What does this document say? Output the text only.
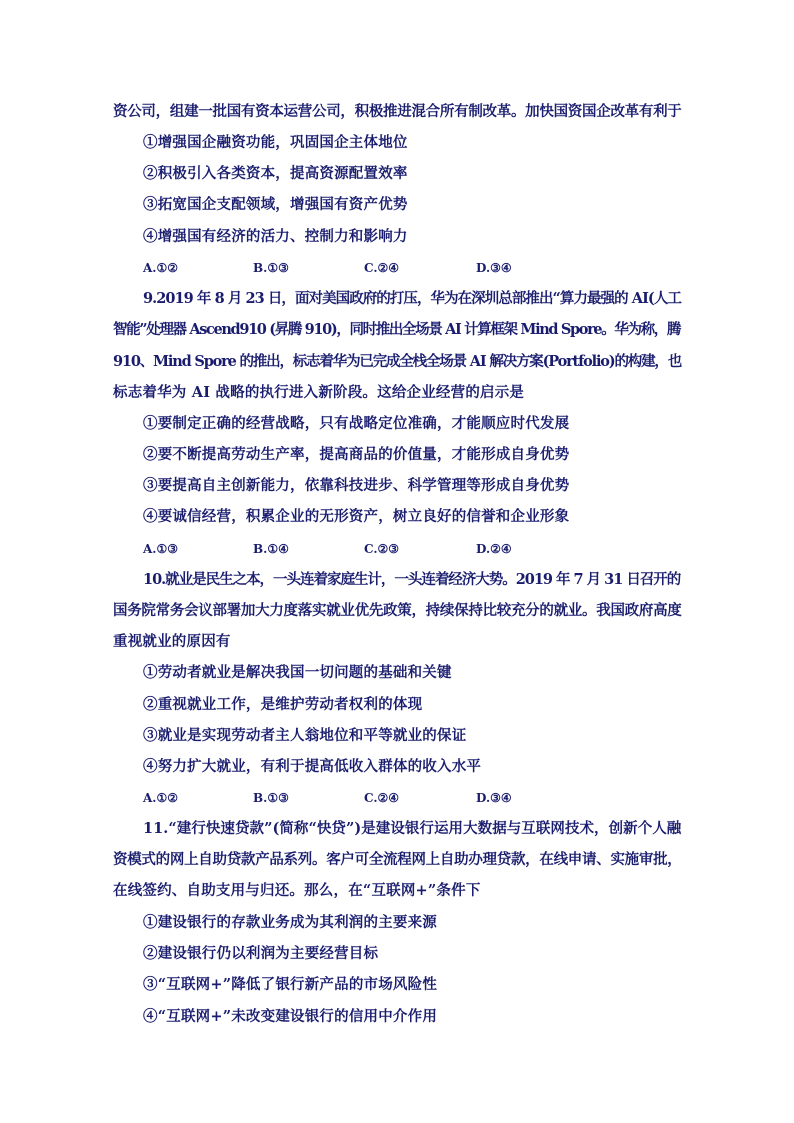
资公司，组建一批国有资本运营公司，积极推进混合所有制改革。加快国资国企改革有利于
①增强国企融资功能，巩固国企主体地位
②积极引入各类资本，提高资源配置效率
③拓宽国企支配领域，增强国有资产优势
④增强国有经济的活力、控制力和影响力
A.①②	B.①③	C.②④	D.③④
9.2019 年 8 月 23 日，面对美国政府的打压，华为在深圳总部推出“算力最强的 AI(人工
智能”处理器 Ascend910 (昇腾 910)，同时推出全场景 AI 计算框架 Mind Spore。华为称，腾
910、Mind Spore 的推出，标志着华为已完成全栈全场景 AI 解决方案(Portfolio)的构建，也
标志着华为 AI 战略的执行进入新阶段。这给企业经营的启示是
①要制定正确的经营战略，只有战略定位准确，才能顺应时代发展
②要不断提高劳动生产率，提高商品的价值量，才能形成自身优势
③要提高自主创新能力，依靠科技进步、科学管理等形成自身优势
④要诚信经营，积累企业的无形资产，树立良好的信誉和企业形象
A.①③	B.①④	C.②③	D.②④
10.就业是民生之本，一头连着家庭生计，一头连着经济大势。2019 年 7 月 31 日召开的
国务院常务会议部署加大力度落实就业优先政策，持续保持比较充分的就业。我国政府高度
重视就业的原因有
①劳动者就业是解决我国一切问题的基础和关键
②重视就业工作，是维护劳动者权利的体现
③就业是实现劳动者主人翁地位和平等就业的保证
④努力扩大就业，有利于提高低收入群体的收入水平
A.①②	B.①③	C.②④	D.③④
11.“建行快速贷款”(简称“快贷”)是建设银行运用大数据与互联网技术，创新个人融
资模式的网上自助贷款产品系列。客户可全流程网上自助办理贷款，在线申请、实施审批，
在线签约、自助支用与归还。那么，在“互联网+”条件下
①建设银行的存款业务成为其利润的主要来源
②建设银行仍以利润为主要经营目标
③“互联网+”降低了银行新产品的市场风险性
④“互联网+”未改变建设银行的信用中介作用
